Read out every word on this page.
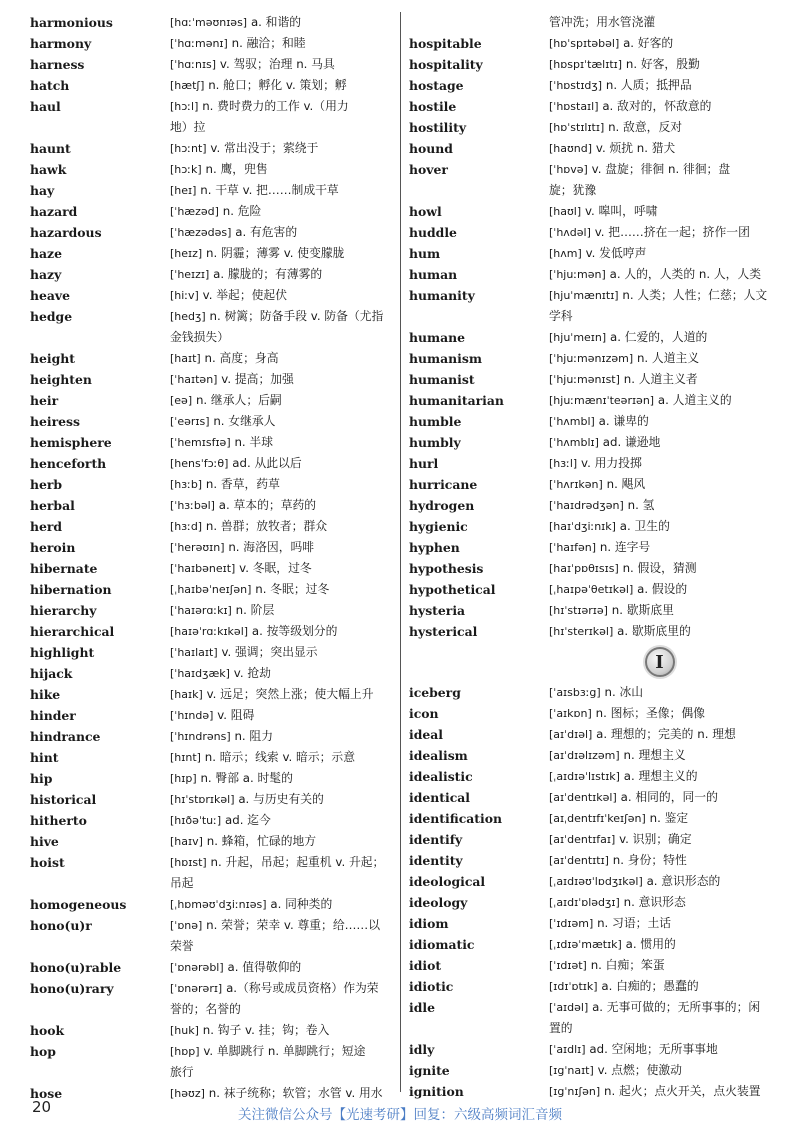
harmonious	[hɑːˈməʊnɪəs] a. 和谐的
harmony	[ˈhɑːmənɪ] n. 融洽；和睦
harness	[ˈhɑːnɪs] v. 驾驭；治理 n. 马具
hatch	[hætʃ] n. 舱口；孵化 v. 策划；孵
haul	[hɔːl] n. 费时费力的工作 v.（用力
地）拉
haunt	[hɔːnt] v. 常出没于；萦绕于
hawk	[hɔːk] n. 鹰，兜售
hay	[heɪ] n. 干草 v. 把……制成干草
hazard	[ˈhæzəd] n. 危险
hazardous	[ˈhæzədəs] a. 有危害的
haze	[heɪz] n. 阴霾；薄雾 v. 使变朦胧
hazy	[ˈheɪzɪ] a. 朦胧的；有薄雾的
heave	[hiːv] v. 举起；使起伏
hedge	[hedʒ] n. 树篱；防备手段 v. 防备（尤指
金钱损失）
height	[haɪt] n. 高度；身高
heighten	[ˈhaɪtən] v. 提高；加强
heir	[eə] n. 继承人；后嗣
heiress	[ˈeərɪs] n. 女继承人
hemisphere	[ˈhemɪsfɪə] n. 半球
henceforth	[hensˈfɔːθ] ad. 从此以后
herb	[hɜːb] n. 香草，药草
herbal	[ˈhɜːbəl] a. 草本的；草药的
herd	[hɜːd] n. 兽群；放牧者；群众
heroin	[ˈherəʊɪn] n. 海洛因，吗啡
hibernate	[ˈhaɪbəneɪt] v. 冬眠，过冬
hibernation	[ˌhaɪbəˈneɪʃən] n. 冬眠；过冬
hierarchy	[ˈhaɪərɑːkɪ] n. 阶层
hierarchical	[haɪəˈrɑːkɪkəl] a. 按等级划分的
highlight	[ˈhaɪlaɪt] v. 强调；突出显示
hijack	[ˈhaɪdʒæk] v. 抢劫
hike	[haɪk] v. 远足；突然上涨；使大幅上升
hinder	[ˈhɪndə] v. 阻碍
hindrance	[ˈhɪndrəns] n. 阻力
hint	[hɪnt] n. 暗示；线索 v. 暗示；示意
hip	[hɪp] n. 臀部 a. 时髦的
historical	[hɪˈstɒrɪkəl] a. 与历史有关的
hitherto	[hɪðəˈtuː] ad. 迄今
hive	[haɪv] n. 蜂箱，忙碌的地方
hoist	[hɒɪst] n. 升起，吊起；起重机 v. 升起；
吊起
homogeneous	[ˌhɒməʊˈdʒiːnɪəs] a. 同种类的
hono(u)r	[ˈɒnə] n. 荣誉；荣幸 v. 尊重；给……以
荣誉
hono(u)rable	[ˈɒnərəbl] a. 值得敬仰的
hono(u)rary	[ˈɒnərərɪ] a.（称号或成员资格）作为荣
誉的；名誉的
hook	[huk] n. 钩子 v. 挂；钩；卷入
hop	[hɒp] v. 单脚跳行 n. 单脚跳行；短途
旅行
hose	[həʊz] n. 袜子统称；软管；水管 v. 用水
管冲洗；用水管浇灌
hospitable	[hɒˈspɪtəbəl] a. 好客的
hospitality	[hɒspɪˈtælɪtɪ] n. 好客，殷勤
hostage	[ˈhɒstɪdʒ] n. 人质；抵押品
hostile	[ˈhɒstaɪl] a. 敌对的，怀敌意的
hostility	[hɒˈstɪlɪtɪ] n. 敌意，反对
hound	[haʊnd] v. 烦扰 n. 猎犬
hover	[ˈhɒvə] v. 盘旋；徘徊 n. 徘徊；盘
旋；犹豫
howl	[haʊl] v. 嗥叫，呼啸
huddle	[ˈhʌdəl] v. 把……挤在一起；挤作一团
hum	[hʌm] v. 发低哼声
human	[ˈhjuːmən] a. 人的，人类的 n. 人，人类
humanity	[hjuˈmænɪtɪ] n. 人类；人性；仁慈；人文
学科
humane	[hjuˈmeɪn] a. 仁爱的，人道的
humanism	[ˈhjuːmənɪzəm] n. 人道主义
humanist	[ˈhjuːmənɪst] n. 人道主义者
humanitarian	[hjuːmænɪˈteərɪən] a. 人道主义的
humble	[ˈhʌmbl] a. 谦卑的
humbly	[ˈhʌmblɪ] ad. 谦逊地
hurl	[hɜːl] v. 用力投掷
hurricane	[ˈhʌrɪkən] n. 飓风
hydrogen	[ˈhaɪdrədʒən] n. 氢
hygienic	[haɪˈdʒiːnɪk] a. 卫生的
hyphen	[ˈhaɪfən] n. 连字号
hypothesis	[haɪˈpɒθɪsɪs] n. 假设，猜测
hypothetical	[ˌhaɪpəˈθetɪkəl] a. 假设的
hysteria	[hɪˈstɪərɪə] n. 歇斯底里
hysterical	[hɪˈsterɪkəl] a. 歇斯底里的
I
iceberg	[ˈaɪsbɜːg] n. 冰山
icon	[ˈaɪkɒn] n. 图标；圣像；偶像
ideal	[aɪˈdɪəl] a. 理想的；完美的 n. 理想
idealism	[aɪˈdɪəlɪzəm] n. 理想主义
idealistic	[ˌaɪdɪəˈlɪstɪk] a. 理想主义的
identical	[aɪˈdentɪkəl] a. 相同的，同一的
identification	[aɪˌdentɪfɪˈkeɪʃən] n. 鉴定
identify	[aɪˈdentɪfaɪ] v. 识别；确定
identity	[aɪˈdentɪtɪ] n. 身份；特性
ideological	[ˌaɪdɪəʊˈlɒdʒɪkəl] a. 意识形态的
ideology	[ˌaɪdɪˈɒlədʒɪ] n. 意识形态
idiom	[ˈɪdɪəm] n. 习语；土话
idiomatic	[ˌɪdɪəˈmætɪk] a. 惯用的
idiot	[ˈɪdɪət] n. 白痴；笨蛋
idiotic	[ɪdɪˈɒtɪk] a. 白痴的；愚蠢的
idle	[ˈaɪdəl] a. 无事可做的；无所事事的；闲
置的
idly	[ˈaɪdlɪ] ad. 空闲地；无所事事地
ignite	[ɪgˈnaɪt] v. 点燃；使激动
ignition	[ɪgˈnɪʃən] n. 起火；点火开关，点火装置
20	关注微信公众号【光速考研】回复：六级高频词汇音频
